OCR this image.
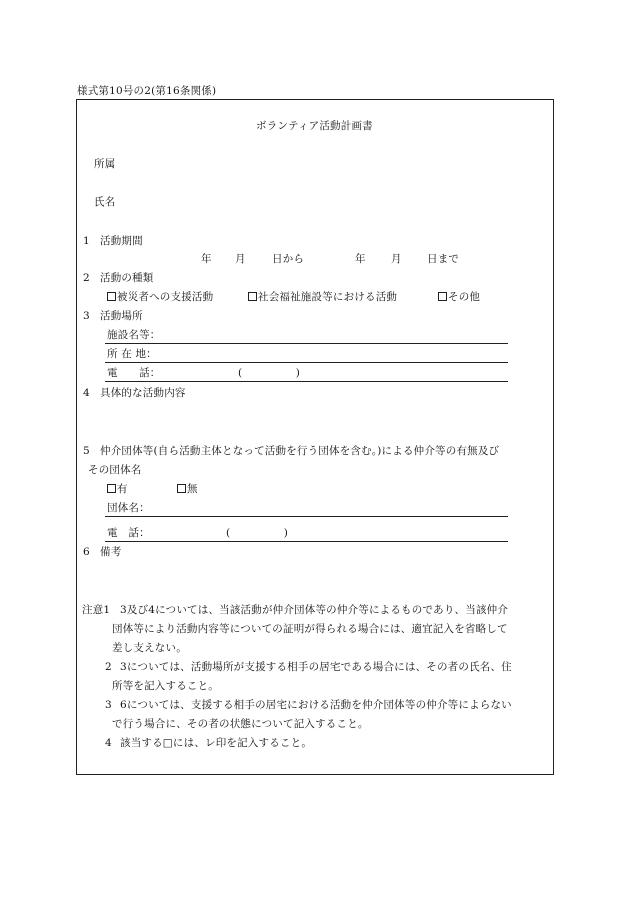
様式第10号の2(第16条関係)
ボランティア活動計画書
所属
氏名
1 活動期間
年 月	日から	年 月 日まで
2 活動の種類
被災者への支援活動	社会福祉施設等における活動	その他
3 活動場所
施設名等：
所 在 地：
電　　話：	(　　　　　)
4 具体的な活動内容
5 仲介団体等(自ら活動主体となって活動を行う団体を含む。)による仲介等の有無及び
その団体名
有	無
団体名：
電　話：	(　　　　　)
6 備考
注意1 3及び4については、当該活動が仲介団体等の仲介等によるものであり、当該仲介
団体等により活動内容等についての証明が得られる場合には、適宜記入を省略して
差し支えない。
2 3については、活動場所が支援する相手の居宅である場合には、その者の氏名、住
所等を記入すること。
3 6については、支援する相手の居宅における活動を仲介団体等の仲介等によらない
で行う場合に、その者の状態について記入すること。
4 該当する□には、レ印を記入すること。
